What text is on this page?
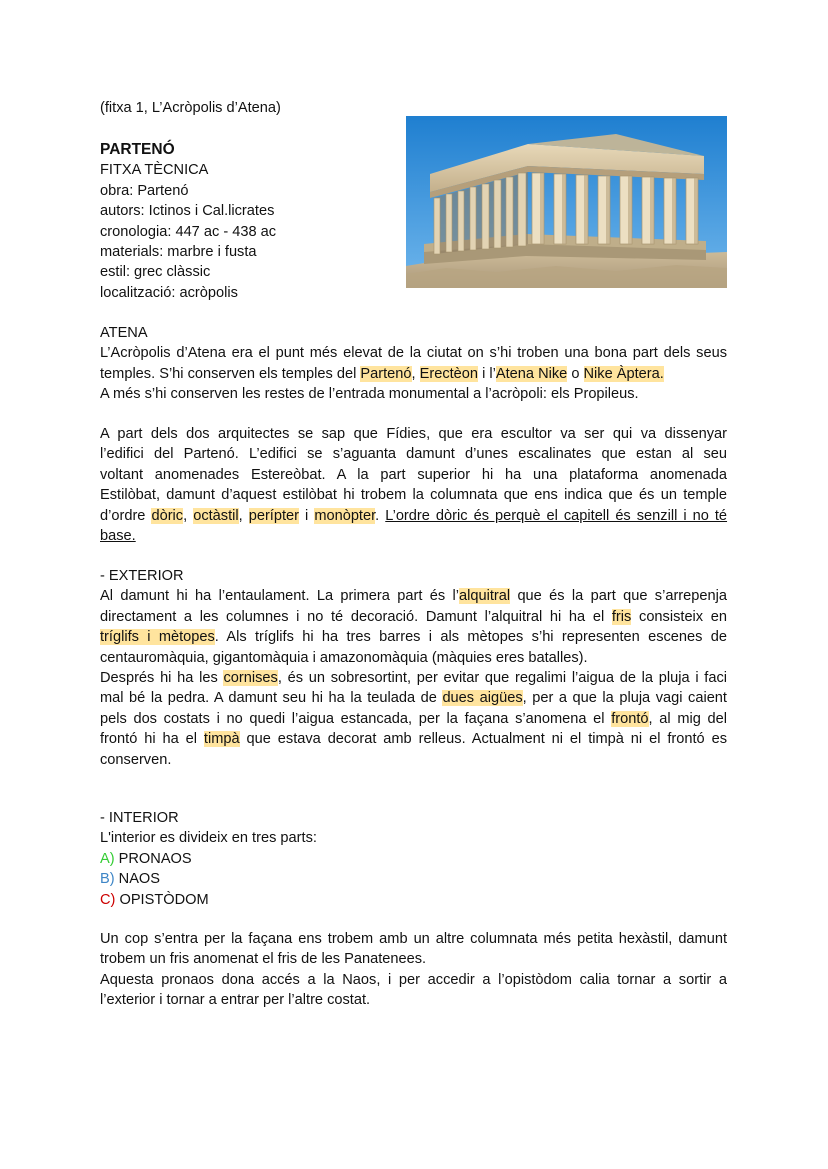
(fitxa 1, L’Acròpolis d’Atena)
PARTENÓ
FITXA TÈCNICA
obra: Partenó
autors: Ictinos i Cal.licrates
cronologia: 447 ac - 438 ac
materials: marbre i fusta
estil: grec clàssic
localització: acròpolis
ATENA
L’Acròpolis d’Atena era el punt més elevat de la ciutat on s’hi troben una bona part dels seus
temples. S’hi conserven els temples del Partenó, Erectèon i l’Atena Nike o Nike Àptera.
A més s’hi conserven les restes de l’entrada monumental a l’acròpoli: els Propileus.
A part dels dos arquitectes se sap que Fídies, que era escultor va ser qui va dissenyar
l’edifici del Partenó. L’edifici se s’aguanta damunt d’unes escalinates que estan al seu
voltant anomenades Estereòbat. A la part superior hi ha una plataforma anomenada
Estilòbat, damunt d’aquest estilòbat hi trobem la columnata que ens indica que és un temple
d’ordre dòric, octàstil, perípter i monòpter. L’ordre dòric és perquè el capitell és senzill i no té
base.
- EXTERIOR
Al damunt hi ha l’entaulament. La primera part és l’alquitral que és la part que s’arrepenja
directament a les columnes i no té decoració. Damunt l’alquitral hi ha el fris consisteix en
tríglifs i mètopes. Als tríglifs hi ha tres barres i als mètopes s’hi representen escenes de
centauromàquia, gigantomàquia i amazonomàquia (màquies eres batalles).
Després hi ha les cornises, és un sobresortint, per evitar que regalimi l’aigua de la pluja i faci
mal bé la pedra. A damunt seu hi ha la teulada de dues aigües, per a que la pluja vagi caient
pels dos costats i no quedi l’aigua estancada, per la façana s’anomena el frontó, al mig del
frontó hi ha el timpà que estava decorat amb relleus. Actualment ni el timpà ni el frontó es
conserven.
- INTERIOR
L'interior es divideix en tres parts:
A) PRONAOS
B) NAOS
C) OPISTÒDOM
Un cop s’entra per la façana ens trobem amb un altre columnata més petita hexàstil, damunt
trobem un fris anomenat el fris de les Panatenees.
Aquesta pronaos dona accés a la Naos, i per accedir a l’opistòdom calia tornar a sortir a
l’exterior i tornar a entrar per l’altre costat.
